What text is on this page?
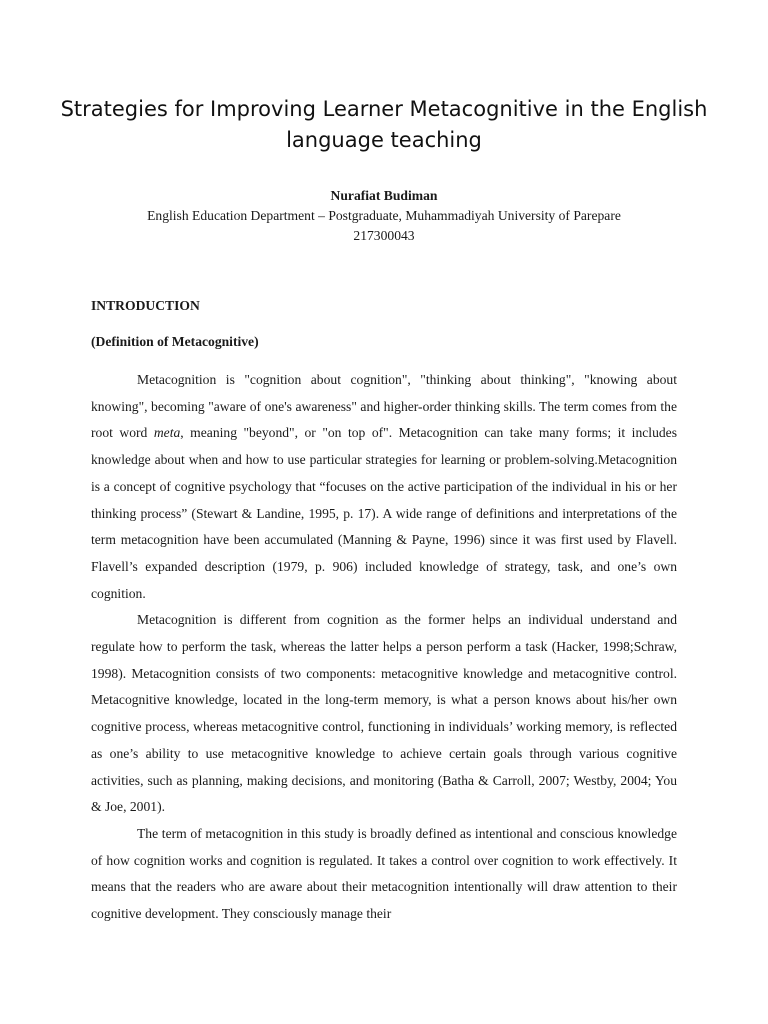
Strategies for Improving Learner Metacognitive in the English language teaching
Nurafiat Budiman
English Education Department – Postgraduate, Muhammadiyah University of Parepare
217300043
INTRODUCTION
(Definition of Metacognitive)

Metacognition is "cognition about cognition", "thinking about thinking", "knowing about knowing", becoming "aware of one's awareness" and higher-order thinking skills. The term comes from the root word meta, meaning "beyond", or "on top of". Metacognition can take many forms; it includes knowledge about when and how to use particular strategies for learning or problem-solving.Metacognition is a concept of cognitive psychology that “focuses on the active participation of the individual in his or her thinking process” (Stewart & Landine, 1995, p. 17). A wide range of definitions and interpretations of the term metacognition have been accumulated (Manning & Payne, 1996) since it was first used by Flavell. Flavell’s expanded description (1979, p. 906) included knowledge of strategy, task, and one’s own cognition.

Metacognition is different from cognition as the former helps an individual understand and regulate how to perform the task, whereas the latter helps a person perform a task (Hacker, 1998;Schraw, 1998). Metacognition consists of two components: metacognitive knowledge and metacognitive control. Metacognitive knowledge, located in the long-term memory, is what a person knows about his/her own cognitive process, whereas metacognitive control, functioning in individuals’ working memory, is reflected as one’s ability to use metacognitive knowledge to achieve certain goals through various cognitive activities, such as planning, making decisions, and monitoring (Batha & Carroll, 2007; Westby, 2004; You & Joe, 2001).

The term of metacognition in this study is broadly defined as intentional and conscious knowledge of how cognition works and cognition is regulated. It takes a control over cognition to work effectively. It means that the readers who are aware about their metacognition intentionally will draw attention to their cognitive development. They consciously manage their
